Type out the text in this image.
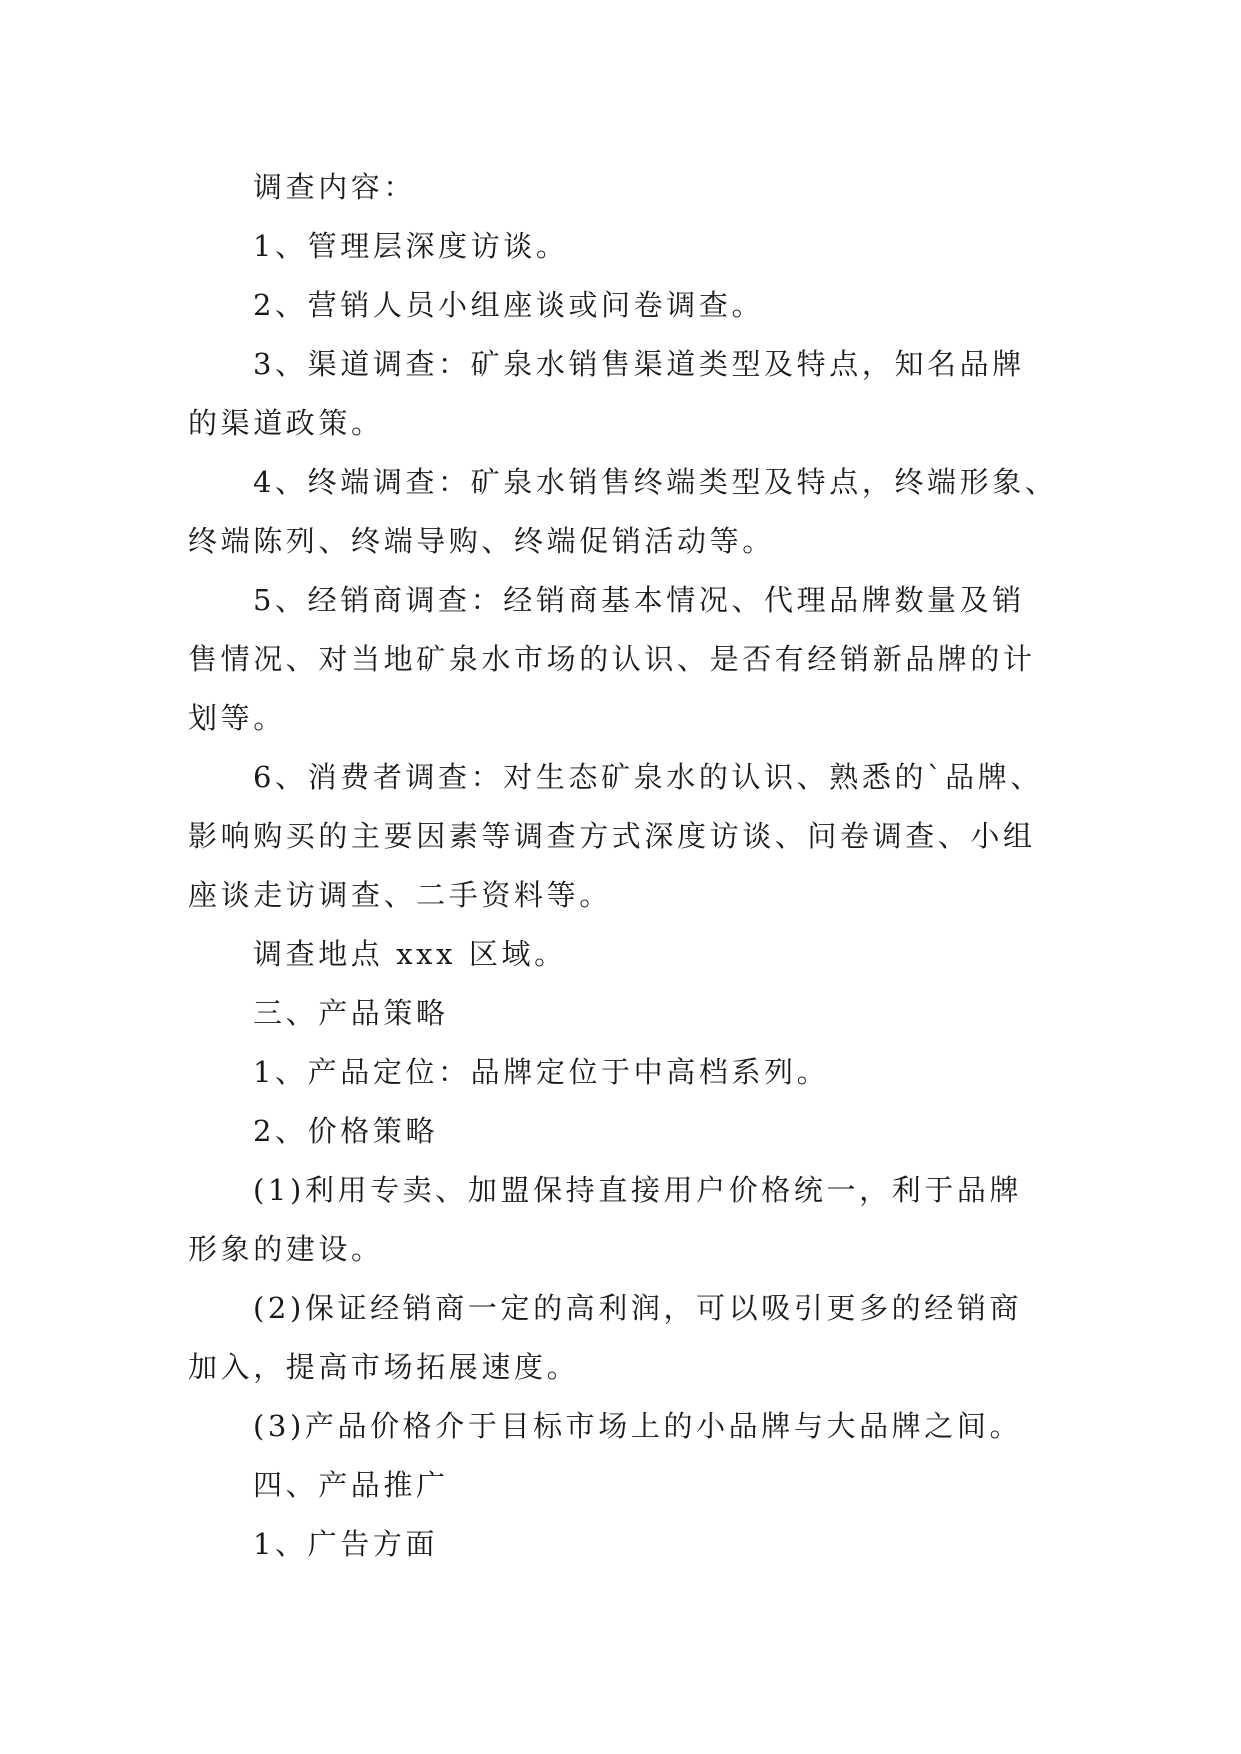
调查内容：

1、管理层深度访谈。

2、营销人员小组座谈或问卷调查。

3、渠道调查：矿泉水销售渠道类型及特点，知名品牌
的渠道政策。

4、终端调查：矿泉水销售终端类型及特点，终端形象、
终端陈列、终端导购、终端促销活动等。

5、经销商调查：经销商基本情况、代理品牌数量及销
售情况、对当地矿泉水市场的认识、是否有经销新品牌的计
划等。

6、消费者调查：对生态矿泉水的认识、熟悉的`品牌、
影响购买的主要因素等调查方式深度访谈、问卷调查、小组
座谈走访调查、二手资料等。

调查地点 xxx 区域。

三、产品策略

1、产品定位：品牌定位于中高档系列。

2、价格策略

(1)利用专卖、加盟保持直接用户价格统一，利于品牌
形象的建设。

(2)保证经销商一定的高利润，可以吸引更多的经销商
加入，提高市场拓展速度。

(3)产品价格介于目标市场上的小品牌与大品牌之间。

四、产品推广

1、广告方面
